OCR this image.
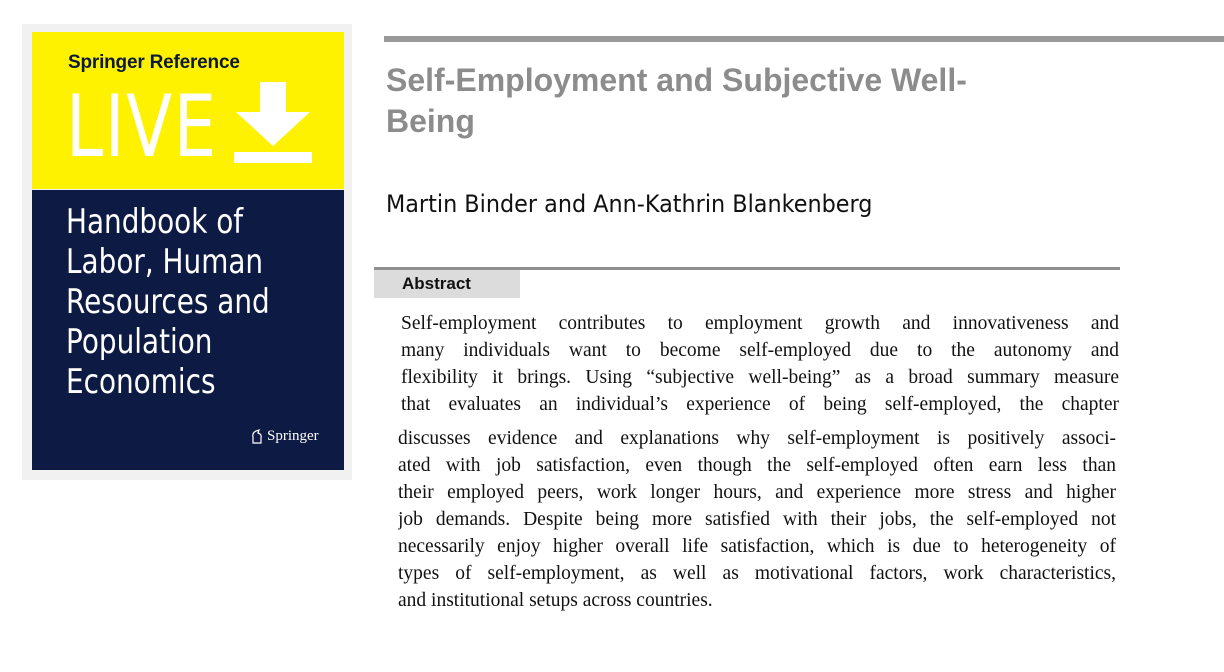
Springer Reference
LIVE
Handbook of
Labor, Human
Resources and
Population
Economics
Springer
Self-Employment and Subjective Well-Being
Martin Binder and Ann-Kathrin Blankenberg
Abstract
Self-employment contributes to employment growth and innovativeness and
many individuals want to become self-employed due to the autonomy and
flexibility it brings. Using “subjective well-being” as a broad summary measure
that evaluates an individual’s experience of being self-employed, the chapter
discusses evidence and explanations why self-employment is positively associ-
ated with job satisfaction, even though the self-employed often earn less than
their employed peers, work longer hours, and experience more stress and higher
job demands. Despite being more satisfied with their jobs, the self-employed not
necessarily enjoy higher overall life satisfaction, which is due to heterogeneity of
types of self-employment, as well as motivational factors, work characteristics,
and institutional setups across countries.
